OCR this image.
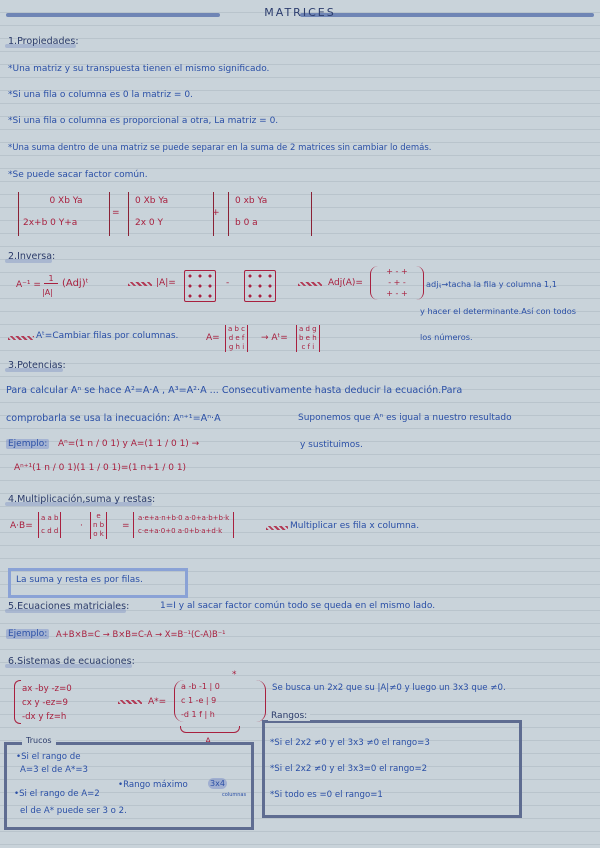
MATRICES
1.Propiedades:
*Una matriz y su transpuesta tienen el mismo significado.
*Si una fila o columna es 0 la matriz = 0.
*Si una fila o columna es proporcional a otra, La matriz = 0.
*Una suma dentro de una matriz se puede separar en la suma de 2 matrices sin cambiar lo demás.
*Se puede sacar factor común.
0 Xb Ya
2x+b 0 Y+a
=
0 Xb Ya
2x 0 Y
+
0 xb Ya
b 0 a
2.Inversa:
A⁻¹ =
1
|A|
(Adj)ᵗ	|A|=	-	Adj(A)=
+ - +
- + -
+ - +
adjᵢⱼ→tacha la fila y columna 1,1
y hacer el determinante.Así con todos
los números.
Aᵗ=Cambiar filas por columnas.	A=
a b c
d e f
g h i
→ Aᵗ=
a d g
b e h
c f i
3.Potencias:
Para calcular Aⁿ se hace A²=A·A , A³=A²·A ... Consecutivamente hasta deducir la ecuación.Para
comprobarla se usa la inecuación: Aⁿ⁺¹=Aⁿ·A	Suponemos que Aⁿ es igual a nuestro resultado
Ejemplo: Aⁿ=(1 n / 0 1) y A=(1 1 / 0 1) →	y sustituimos.
Aⁿ⁺¹(1 n / 0 1)(1 1 / 0 1)=(1 n+1 / 0 1)
4.Multiplicación,suma y restas:
A·B=
a a b
c d d ·
e
n b
o k
=
a·e+a·n+b·0 a·0+a·b+b·k
c·e+a·0+0 a·0+b·a+d·k	Multiplicar es fila x columna.
La suma y resta es por filas.
5.Ecuaciones matriciales:	1=I y al sacar factor común todo se queda en el mismo lado.
Ejemplo: A+B×B=C → B×B=C-A → X=B⁻¹(C-A)B⁻¹
6.Sistemas de ecuaciones:
ax -by -z=0
cx y -ez=9
-dx y fz=h
A*=
*
a -b -1 | 0
c 1 -e | 9
-d 1 f | h
A
Se busca un 2x2 que su |A|≠0 y luego un 3x3 que ≠0.
Rangos:
*Si el 2x2 ≠0 y el 3x3 ≠0 el rango=3
*Si el 2x2 ≠0 y el 3x3=0 el rango=2
*Si todo es =0 el rango=1
Trucos
•Si el rango de
A=3 el de A*=3
•Rango máximo	3x4
columnas
•Si el rango de A=2
el de A* puede ser 3 o 2.
